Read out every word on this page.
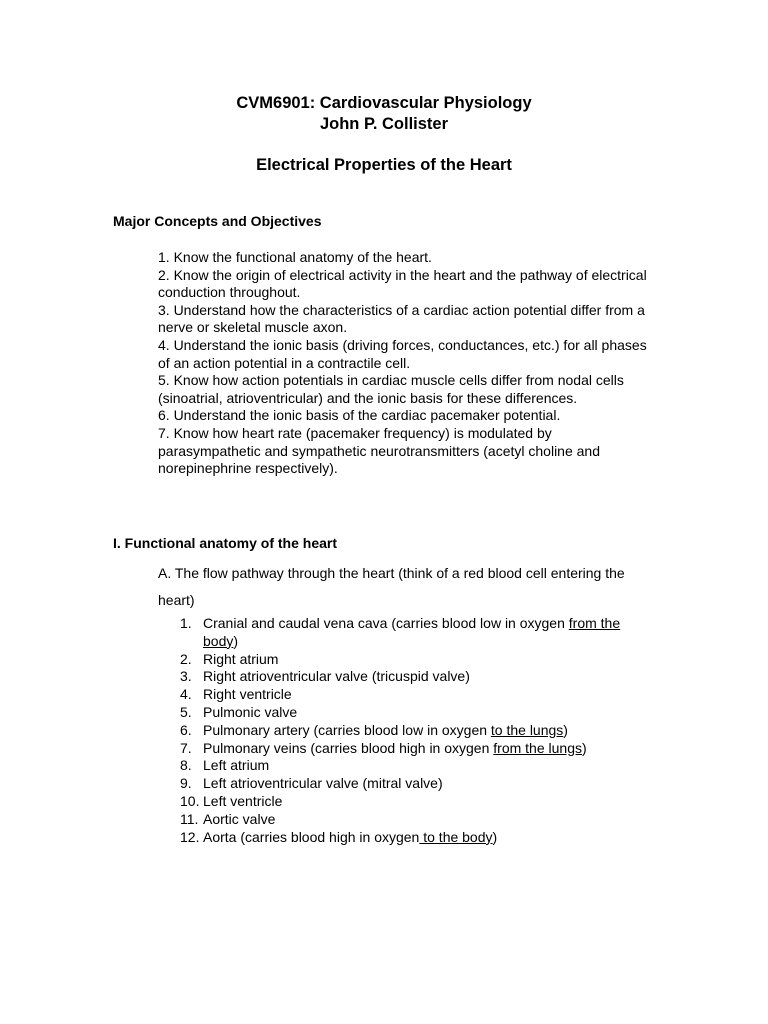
CVM6901: Cardiovascular Physiology
John P. Collister
Electrical Properties of the Heart
Major Concepts and Objectives

1. Know the functional anatomy of the heart.

2. Know the origin of electrical activity in the heart and the pathway of electrical conduction throughout.

3. Understand how the characteristics of a cardiac action potential differ from a nerve or skeletal muscle axon.

4. Understand the ionic basis (driving forces, conductances, etc.) for all phases of an action potential in a contractile cell.

5. Know how action potentials in cardiac muscle cells differ from nodal cells (sinoatrial, atrioventricular) and the ionic basis for these differences.

6. Understand the ionic basis of the cardiac pacemaker potential.

7. Know how heart rate (pacemaker frequency) is modulated by parasympathetic and sympathetic neurotransmitters (acetyl choline and norepinephrine respectively).

I. Functional anatomy of the heart

A. The flow pathway through the heart (think of a red blood cell entering the heart)

1. Cranial and caudal vena cava (carries blood low in oxygen from the body)
2. Right atrium
3. Right atrioventricular valve (tricuspid valve)
4. Right ventricle
5. Pulmonic valve
6. Pulmonary artery (carries blood low in oxygen to the lungs)
7. Pulmonary veins (carries blood high in oxygen from the lungs)
8. Left atrium
9. Left atrioventricular valve (mitral valve)
10. Left ventricle
11. Aortic valve
12. Aorta (carries blood high in oxygen to the body)
